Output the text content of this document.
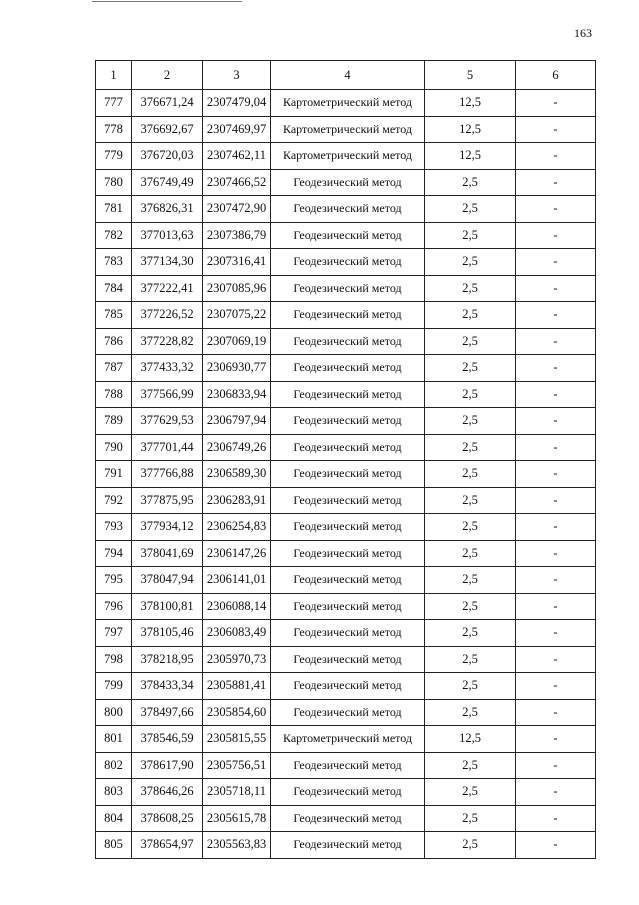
163
1	2	3	4	5	6
777	376671,24	2307479,04	Картометрический метод	12,5	-
778	376692,67	2307469,97	Картометрический метод	12,5	-
779	376720,03	2307462,11	Картометрический метод	12,5	-
780	376749,49	2307466,52	Геодезический метод	2,5	-
781	376826,31	2307472,90	Геодезический метод	2,5	-
782	377013,63	2307386,79	Геодезический метод	2,5	-
783	377134,30	2307316,41	Геодезический метод	2,5	-
784	377222,41	2307085,96	Геодезический метод	2,5	-
785	377226,52	2307075,22	Геодезический метод	2,5	-
786	377228,82	2307069,19	Геодезический метод	2,5	-
787	377433,32	2306930,77	Геодезический метод	2,5	-
788	377566,99	2306833,94	Геодезический метод	2,5	-
789	377629,53	2306797,94	Геодезический метод	2,5	-
790	377701,44	2306749,26	Геодезический метод	2,5	-
791	377766,88	2306589,30	Геодезический метод	2,5	-
792	377875,95	2306283,91	Геодезический метод	2,5	-
793	377934,12	2306254,83	Геодезический метод	2,5	-
794	378041,69	2306147,26	Геодезический метод	2,5	-
795	378047,94	2306141,01	Геодезический метод	2,5	-
796	378100,81	2306088,14	Геодезический метод	2,5	-
797	378105,46	2306083,49	Геодезический метод	2,5	-
798	378218,95	2305970,73	Геодезический метод	2,5	-
799	378433,34	2305881,41	Геодезический метод	2,5	-
800	378497,66	2305854,60	Геодезический метод	2,5	-
801	378546,59	2305815,55	Картометрический метод	12,5	-
802	378617,90	2305756,51	Геодезический метод	2,5	-
803	378646,26	2305718,11	Геодезический метод	2,5	-
804	378608,25	2305615,78	Геодезический метод	2,5	-
805	378654,97	2305563,83	Геодезический метод	2,5	-
